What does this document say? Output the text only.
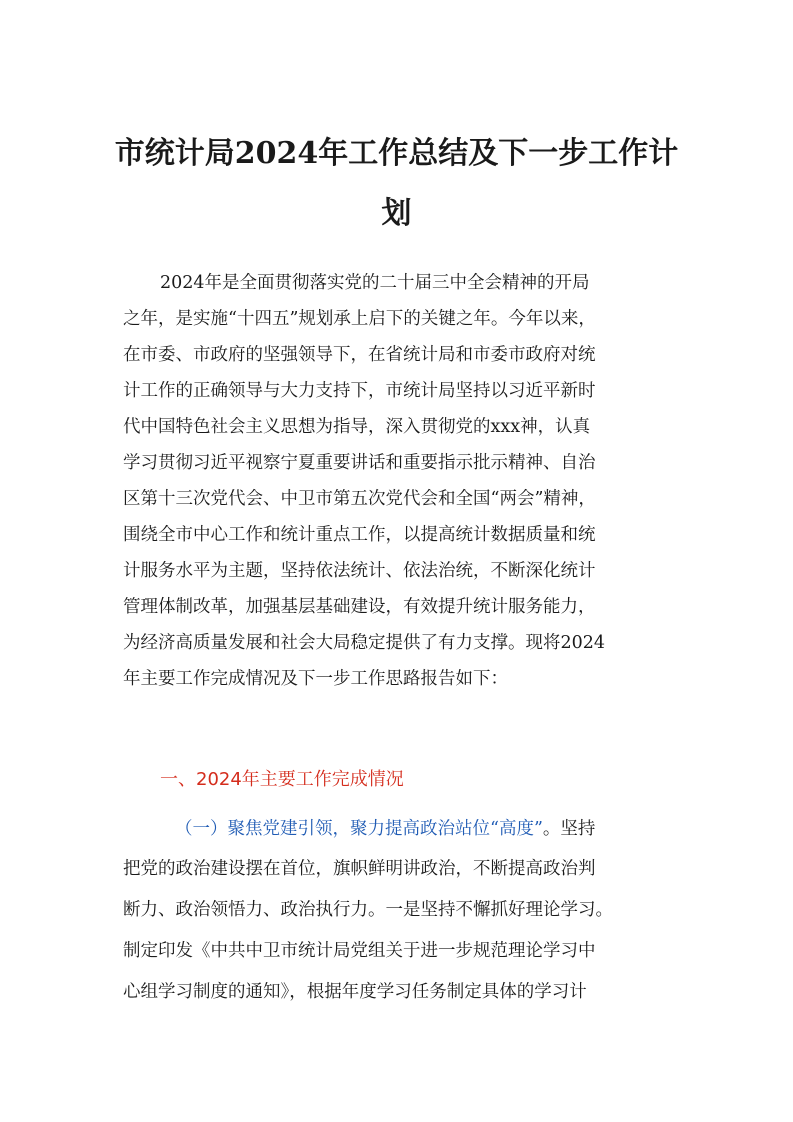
市统计局2024年工作总结及下一步工作计
划
2024年是全面贯彻落实党的二十届三中全会精神的开局
之年，是实施“十四五”规划承上启下的关键之年。今年以来，
在市委、市政府的坚强领导下，在省统计局和市委市政府对统
计工作的正确领导与大力支持下，市统计局坚持以习近平新时
代中国特色社会主义思想为指导，深入贯彻党的xxx神，认真
学习贯彻习近平视察宁夏重要讲话和重要指示批示精神、自治
区第十三次党代会、中卫市第五次党代会和全国“两会”精神，
围绕全市中心工作和统计重点工作，以提高统计数据质量和统
计服务水平为主题，坚持依法统计、依法治统，不断深化统计
管理体制改革，加强基层基础建设，有效提升统计服务能力，
为经济高质量发展和社会大局稳定提供了有力支撑。现将2024
年主要工作完成情况及下一步工作思路报告如下：
一、2024年主要工作完成情况
（一）聚焦党建引领，聚力提高政治站位“高度”。坚持
把党的政治建设摆在首位，旗帜鲜明讲政治，不断提高政治判
断力、政治领悟力、政治执行力。一是坚持不懈抓好理论学习。
制定印发《中共中卫市统计局党组关于进一步规范理论学习中
心组学习制度的通知》，根据年度学习任务制定具体的学习计
